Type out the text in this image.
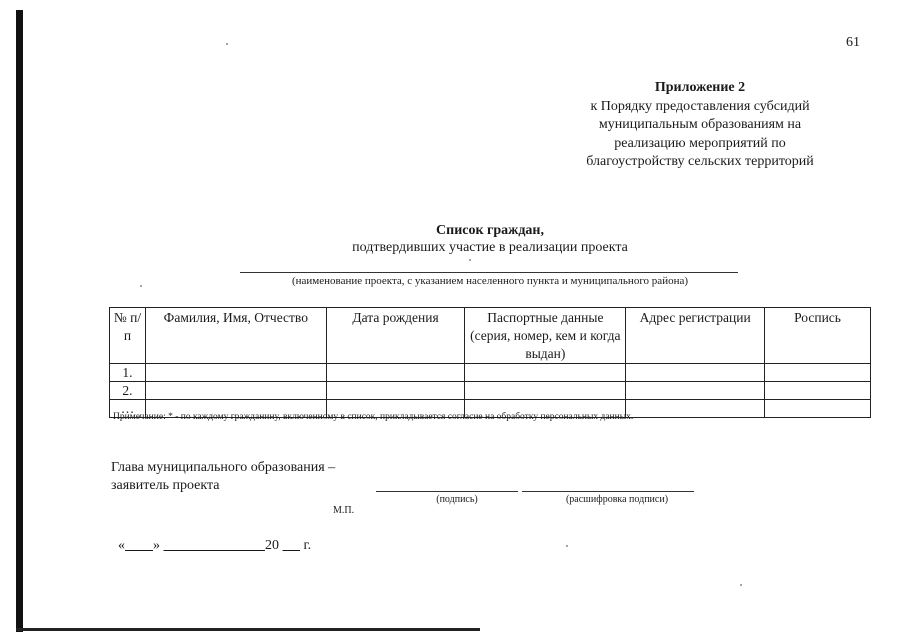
61
Приложение 2
к Порядку предоставления субсидий
муниципальным образованиям на
реализацию мероприятий по
благоустройству сельских территорий
Список граждан,
подтвердивших участие в реализации проекта
(наименование проекта, с указанием населенного пункта и муниципального района)
№ п/п	Фамилия, Имя, Отчество	Дата рождения	Паспортные данные (серия, номер, кем и когда выдан)	Адрес регистрации	Роспись
1.					
2.					
…					
Примечание: * - по каждому гражданину, включенному в список, прикладывается согласие на обработку персональных данных.
Глава муниципального образования –
заявитель проекта
(подпись)	(расшифровка подписи)
М.П.
« »	20 г.
